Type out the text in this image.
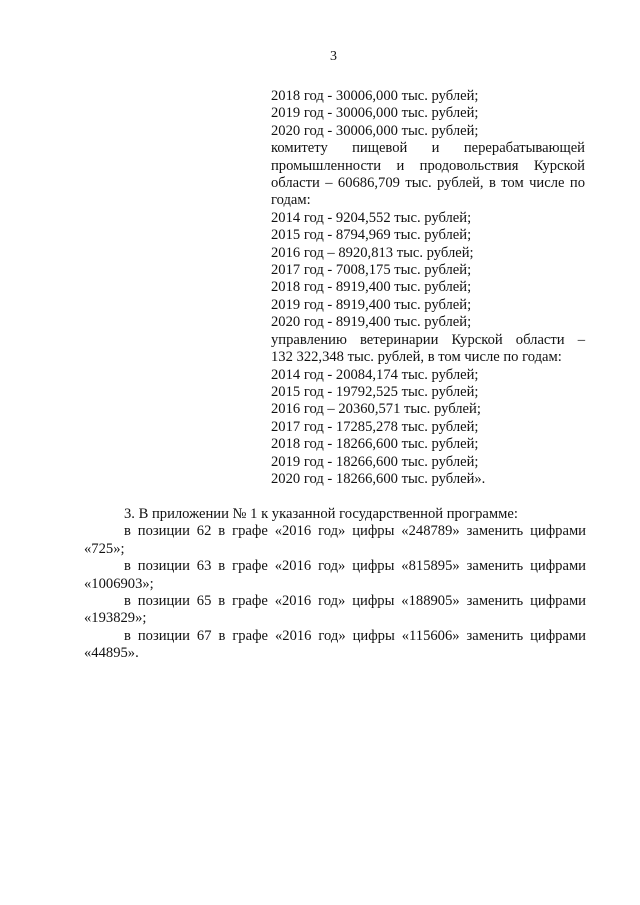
3
2018 год - 30006,000 тыс. рублей;
2019 год - 30006,000 тыс. рублей;
2020 год - 30006,000 тыс. рублей;
комитету пищевой и перерабатывающей
промышленности и продовольствия Курской
области – 60686,709 тыс. рублей, в том числе по
годам:
2014 год - 9204,552 тыс. рублей;
2015 год - 8794,969 тыс. рублей;
2016 год – 8920,813 тыс. рублей;
2017 год - 7008,175 тыс. рублей;
2018 год - 8919,400 тыс. рублей;
2019 год - 8919,400 тыс. рублей;
2020 год - 8919,400 тыс. рублей;
управлению ветеринарии Курской области –
132 322,348 тыс. рублей, в том числе по годам:
2014 год - 20084,174 тыс. рублей;
2015 год - 19792,525 тыс. рублей;
2016 год – 20360,571 тыс. рублей;
2017 год - 17285,278 тыс. рублей;
2018 год - 18266,600 тыс. рублей;
2019 год - 18266,600 тыс. рублей;
2020 год - 18266,600 тыс. рублей».
3. В приложении № 1 к указанной государственной программе:
в позиции 62 в графе «2016 год» цифры «248789» заменить цифрами
«725»;
в позиции 63 в графе «2016 год» цифры «815895» заменить цифрами
«1006903»;
в позиции 65 в графе «2016 год» цифры «188905» заменить цифрами
«193829»;
в позиции 67 в графе «2016 год» цифры «115606» заменить цифрами
«44895».
